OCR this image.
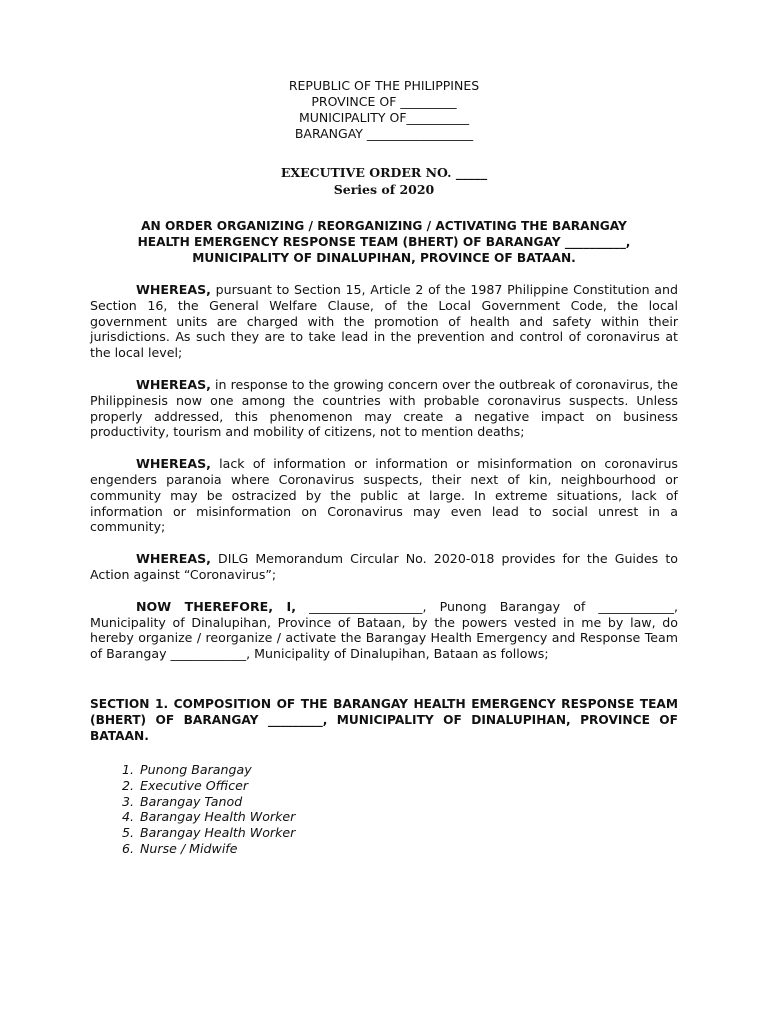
REPUBLIC OF THE PHILIPPINES
PROVINCE OF _________
MUNICIPALITY OF__________
BARANGAY _________________
EXECUTIVE ORDER NO. _____
Series of 2020
AN ORDER ORGANIZING / REORGANIZING / ACTIVATING THE BARANGAY
HEALTH EMERGENCY RESPONSE TEAM (BHERT) OF BARANGAY __________,
MUNICIPALITY OF DINALUPIHAN, PROVINCE OF BATAAN.

WHEREAS, pursuant to Section 15, Article 2 of the 1987 Philippine Constitution and Section 16, the General Welfare Clause, of the Local Government Code, the local government units are charged with the promotion of health and safety within their jurisdictions. As such they are to take lead in the prevention and control of coronavirus at the local level;

WHEREAS, in response to the growing concern over the outbreak of coronavirus, the Philippinesis now one among the countries with probable coronavirus suspects. Unless properly addressed, this phenomenon may create a negative impact on business productivity, tourism and mobility of citizens, not to mention deaths;

WHEREAS, lack of information or information or misinformation on coronavirus engenders paranoia where Coronavirus suspects, their next of kin, neighbourhood or community may be ostracized by the public at large. In extreme situations, lack of information or misinformation on Coronavirus may even lead to social unrest in a community;

WHEREAS, DILG Memorandum Circular No. 2020-018 provides for the Guides to Action against “Coronavirus”;

NOW THEREFORE, I, __________________, Punong Barangay of ____________, Municipality of Dinalupihan, Province of Bataan, by the powers vested in me by law, do hereby organize / reorganize / activate the Barangay Health Emergency and Response Team of Barangay ____________, Municipality of Dinalupihan, Bataan as follows;

SECTION 1. COMPOSITION OF THE BARANGAY HEALTH EMERGENCY RESPONSE TEAM (BHERT) OF BARANGAY _________, MUNICIPALITY OF DINALUPIHAN, PROVINCE OF BATAAN.
1. Punong Barangay
2. Executive Officer
3. Barangay Tanod
4. Barangay Health Worker
5. Barangay Health Worker
6. Nurse / Midwife
